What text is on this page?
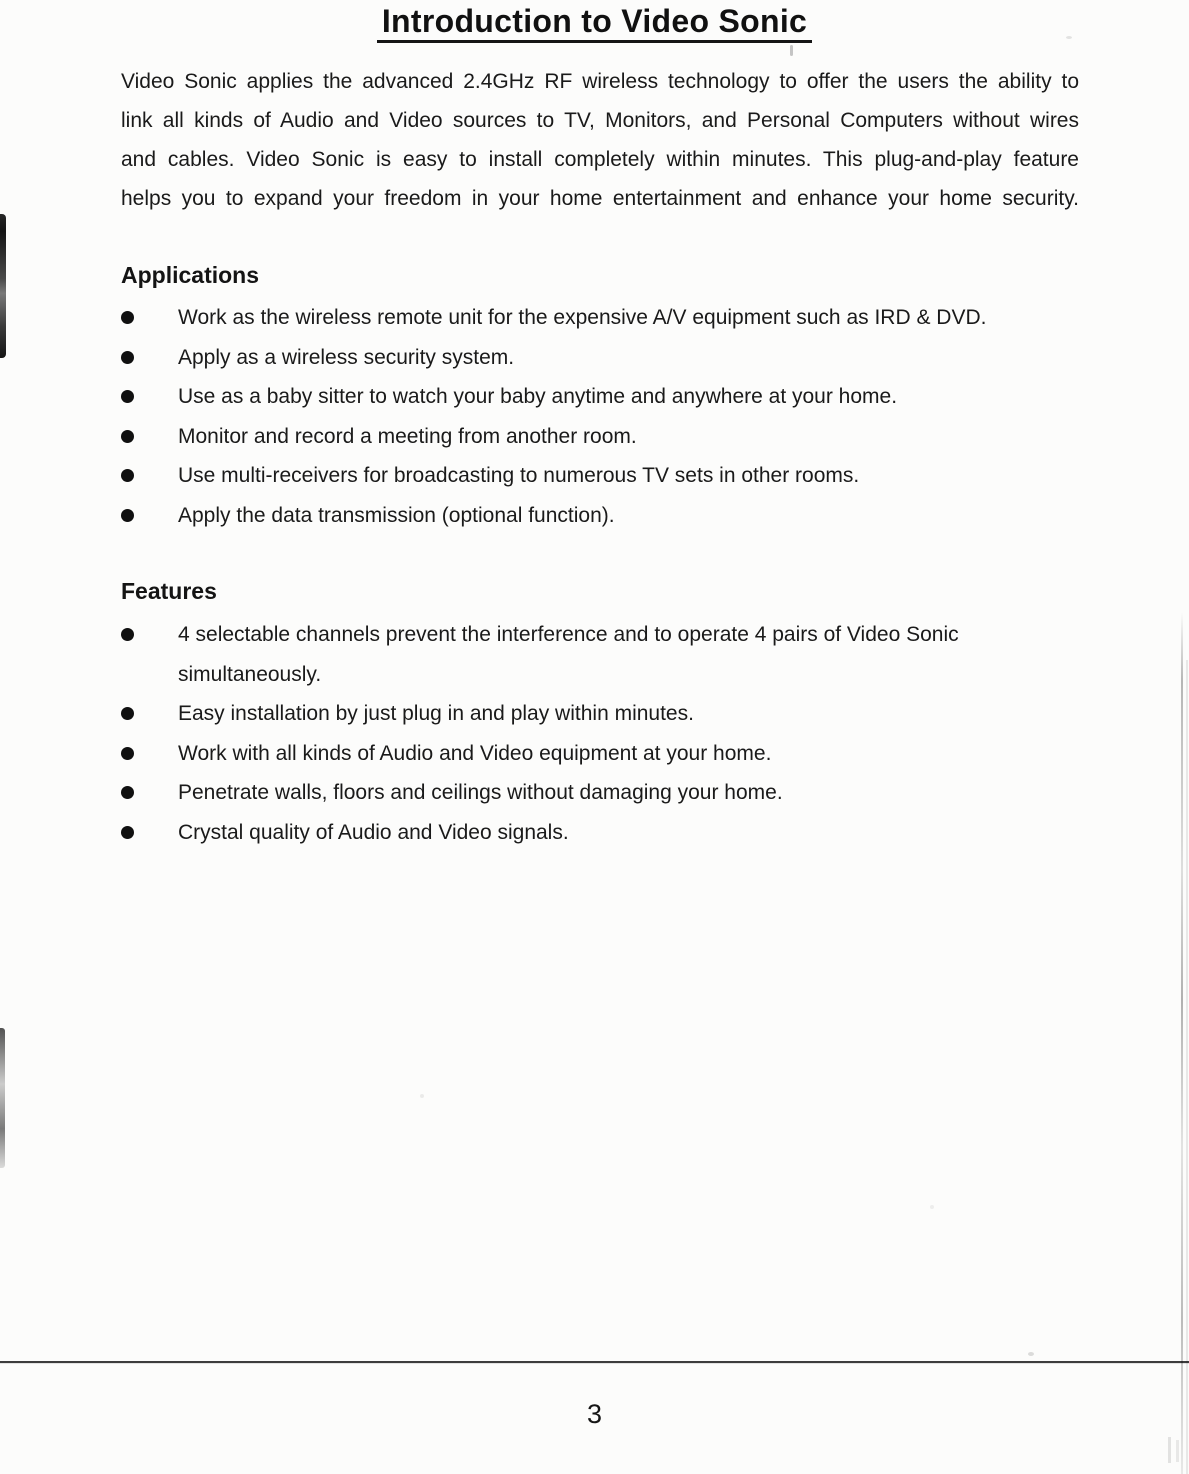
Introduction to Video Sonic

Video Sonic applies the advanced 2.4GHz RF wireless technology to offer the users the ability to
link all kinds of Audio and Video sources to TV, Monitors, and Personal Computers without wires
and cables. Video Sonic is easy to install completely within minutes. This plug-and-play feature
helps you to expand your freedom in your home entertainment and enhance your home security.

Applications
Work as the wireless remote unit for the expensive A/V equipment such as IRD & DVD.
Apply as a wireless security system.
Use as a baby sitter to watch your baby anytime and anywhere at your home.
Monitor and record a meeting from another room.
Use multi-receivers for broadcasting to numerous TV sets in other rooms.
Apply the data transmission (optional function).
Features
4 selectable channels prevent the interference and to operate 4 pairs of Video Sonic simultaneously.
Easy installation by just plug in and play within minutes.
Work with all kinds of Audio and Video equipment at your home.
Penetrate walls, floors and ceilings without damaging your home.
Crystal quality of Audio and Video signals.
3
